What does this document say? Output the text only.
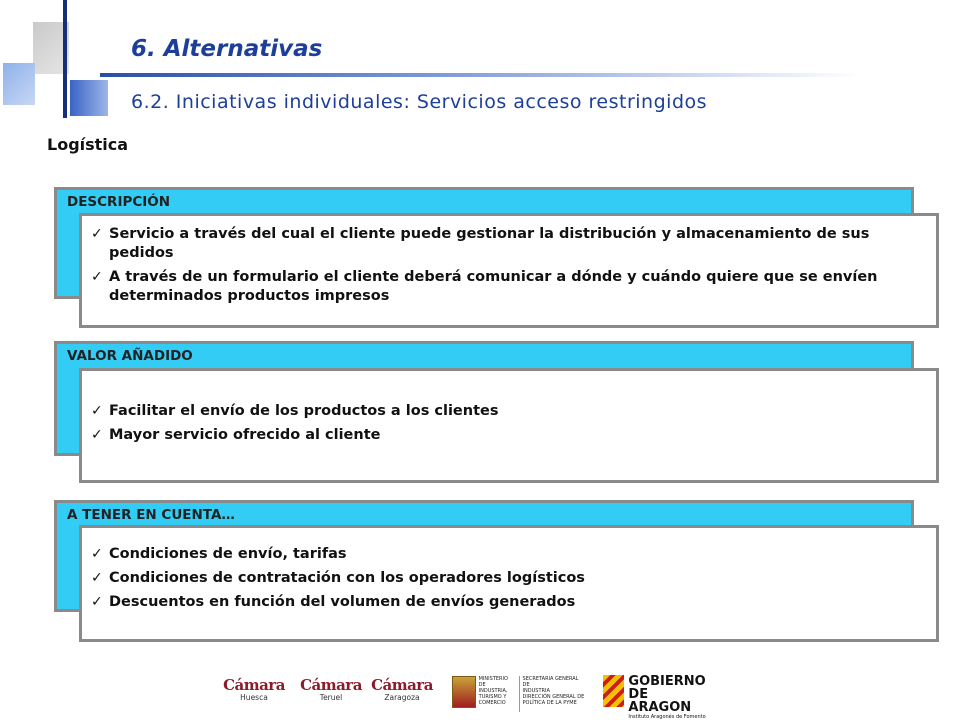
6. Alternativas
6.2. Iniciativas individuales: Servicios acceso restringidos
Logística
DESCRIPCIÓN
✓ Servicio a través del cual el cliente puede gestionar la distribución y almacenamiento de sus pedidos
✓ A través de un formulario el cliente deberá comunicar a dónde y cuándo quiere que se envíen determinados productos impresos
VALOR AÑADIDO
✓ Facilitar el envío de los productos a los clientes
✓ Mayor servicio ofrecido al cliente
A TENER EN CUENTA…
✓ Condiciones de envío, tarifas
✓ Condiciones de contratación con los operadores logísticos
✓ Descuentos en función del volumen de envíos generados
Cámara
Huesca
Cámara
Teruel
Cámara
Zaragoza
MINISTERIO
DE INDUSTRIA,
TURISMO Y
COMERCIO
SECRETARIA GENERAL DE
INDUSTRIA
DIRECCIÓN GENERAL DE
POLÍTICA DE LA PYME
GOBIERNO
DE ARAGON
Instituto Aragonés de Fomento
